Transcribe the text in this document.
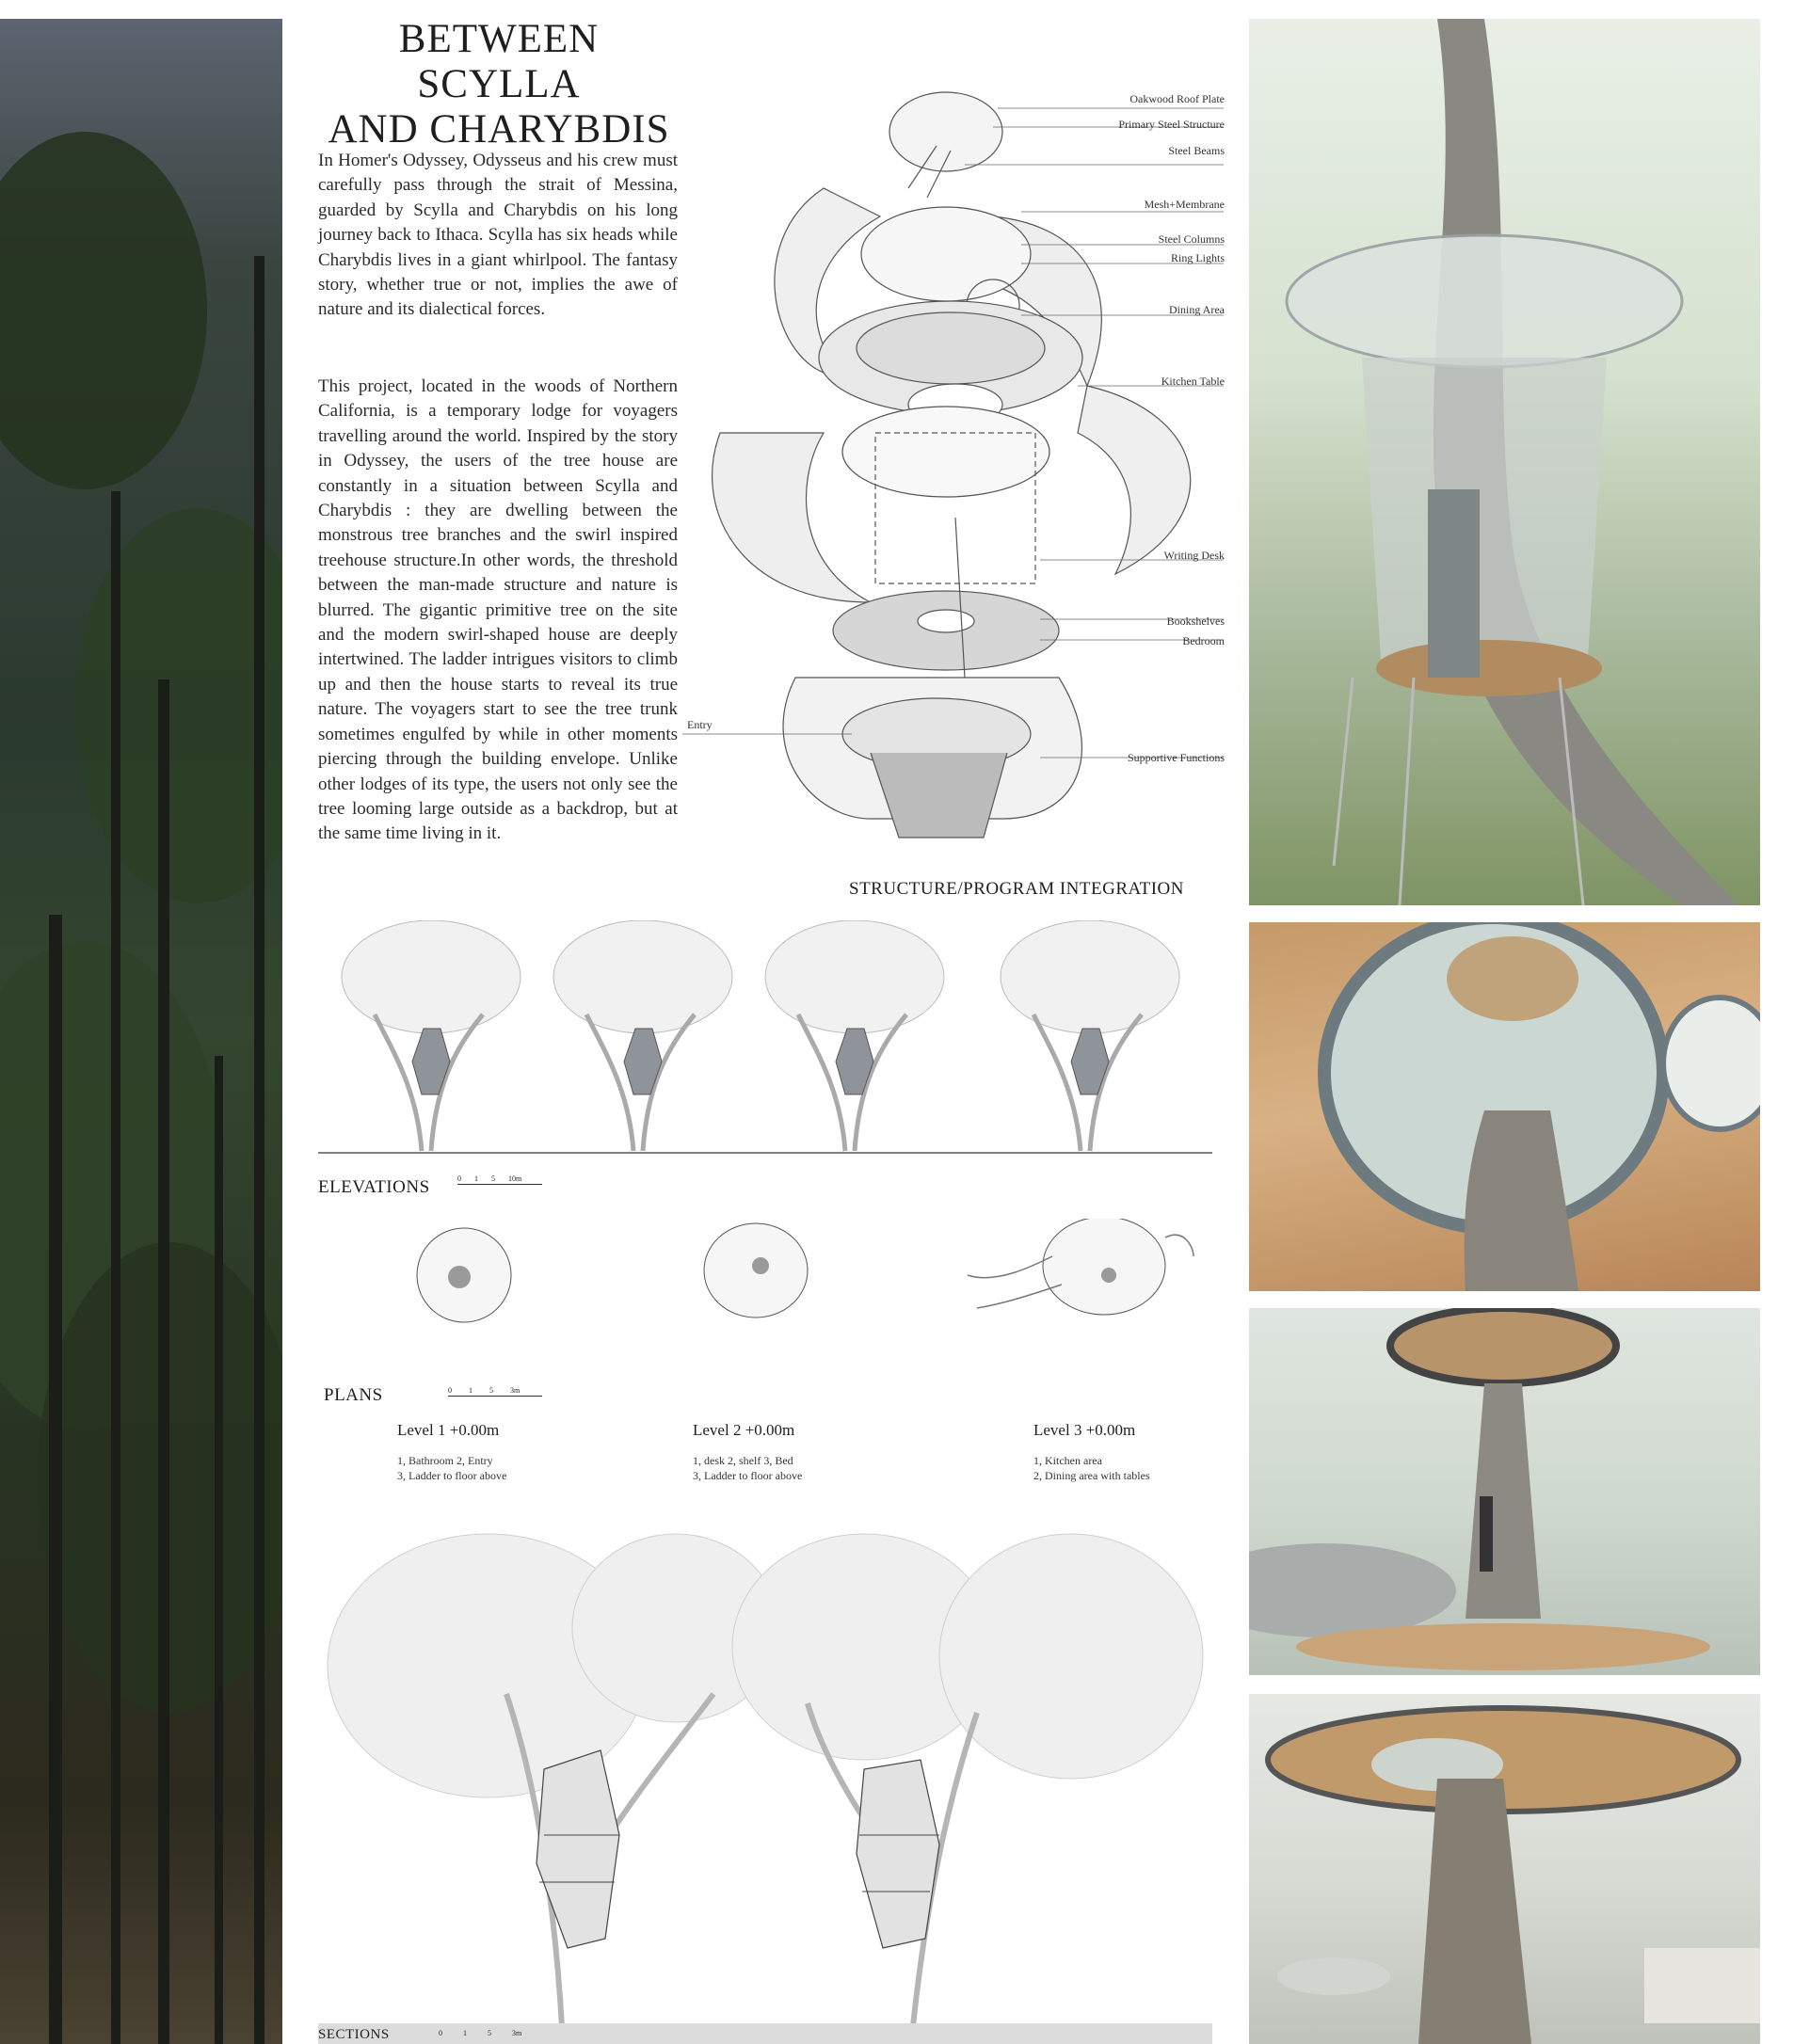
BETWEEN SCYLLA
AND CHARYBDIS

In Homer's Odyssey, Odysseus and his crew must carefully pass through the strait of Messina, guarded by Scylla and Charybdis on his long journey back to Ithaca. Scylla has six heads while Charybdis lives in a giant whirlpool. The fantasy story, whether true or not, implies the awe of nature and its dialectical forces.

This project, located in the woods of Northern California, is a temporary lodge for voyagers travelling around the world. Inspired by the story in Odyssey, the users of the tree house are constantly in a situation between Scylla and Charybdis : they are dwelling between the monstrous tree branches and the swirl inspired treehouse structure.In other words, the threshold between the man-made structure and nature is blurred. The gigantic primitive tree on the site and the modern swirl-shaped house are deeply intertwined. The ladder intrigues visitors to climb up and then the house starts to reveal its true nature. The voyagers start to see the tree trunk sometimes engulfed by while in other moments piercing through the building envelope. Unlike other lodges of its type, the users not only see the tree looming large outside as a backdrop, but at the same time living in it.

Oakwood Roof Plate
Primary Steel Structure
Steel Beams
Mesh+Membrane
Steel Columns
Ring Lights
Dining Area
Kitchen Table
Writing Desk
Bookshelves
Bedroom
Supportive Functions
Entry
STRUCTURE/PROGRAM INTEGRATION
ELEVATIONS	0 1 5 10m
PLANS	0 1 5 3m
Level 1 +0.00m
1, Bathroom 2, Entry
3, Ladder to floor above
Level 2 +0.00m
1, desk 2, shelf 3, Bed
3, Ladder to floor above
Level 3 +0.00m
1, Kitchen area
2, Dining area with tables
SECTIONS	0	1	5	3m
